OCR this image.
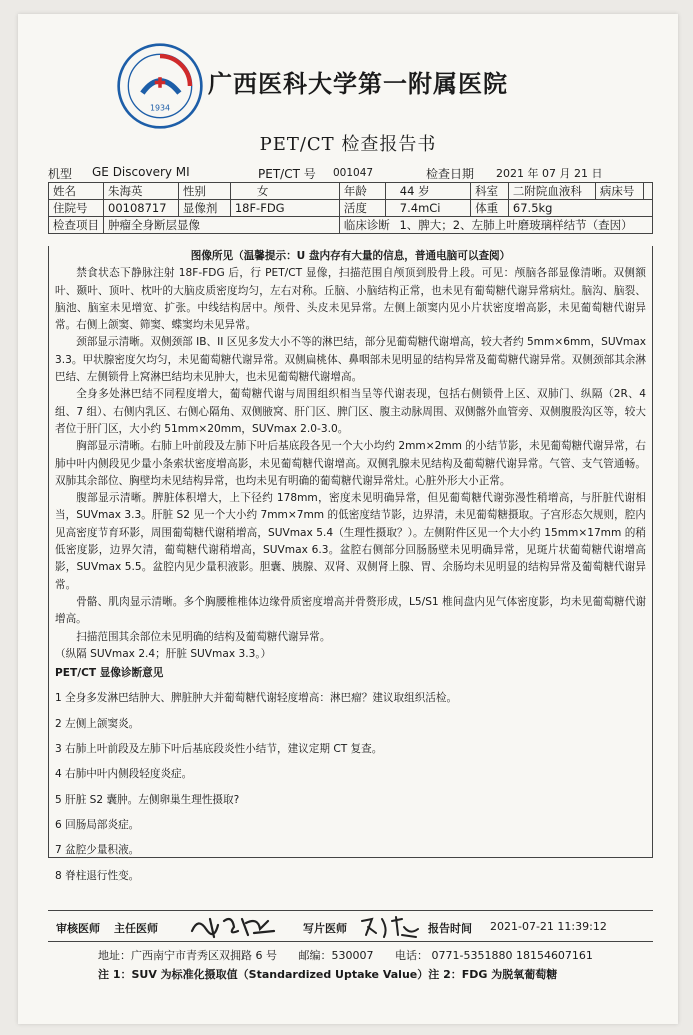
1934
广西医科大学第一附属医院
PET/CT 检查报告书
机型 GE Discovery MI	PET/CT 号 001047	检查日期 2021 年 07 月 21 日
姓名	朱海英	性别	女	年龄	44 岁	科室	二附院血液科	病床号	
住院号	00108717	显像剂	18F-FDG	活度	7.4mCi	体重	67.5kg		
检查项目	肿瘤全身断层显像			临床诊断 1、脾大；2、左肺上叶磨玻璃样结节（查因）					
图像所见（温馨提示：U 盘内存有大量的信息，普通电脑可以查阅）

禁食状态下静脉注射 18F-FDG 后，行 PET/CT 显像，扫描范围自颅顶到股骨上段。可见：颅脑各部显像清晰。双侧额叶、颞叶、顶叶、枕叶的大脑皮质密度均匀，左右对称。丘脑、小脑结构正常，也未见有葡萄糖代谢异常病灶。脑沟、脑裂、脑池、脑室未见增宽、扩张。中线结构居中。颅骨、头皮未见异常。左侧上颌窦内见小片状密度增高影，未见葡萄糖代谢异常。右侧上颌窦、筛窦、蝶窦均未见异常。

颈部显示清晰。双侧颈部 IB、II 区见多发大小不等的淋巴结，部分见葡萄糖代谢增高，较大者约 5mm×6mm，SUVmax 3.3。甲状腺密度欠均匀，未见葡萄糖代谢异常。双侧扁桃体、鼻咽部未见明显的结构异常及葡萄糖代谢异常。双侧颈部其余淋巴结、左侧锁骨上窝淋巴结均未见肿大，也未见葡萄糖代谢增高。

全身多处淋巴结不同程度增大，葡萄糖代谢与周围组织相当呈等代谢表现，包括右侧锁骨上区、双肺门、纵隔（2R、4 组、7 组）、右侧内乳区、右侧心隔角、双侧腋窝、肝门区、脾门区、腹主动脉周围、双侧髂外血管旁、双侧腹股沟区等，较大者位于肝门区，大小约 51mm×20mm，SUVmax 2.0-3.0。

胸部显示清晰。右肺上叶前段及左肺下叶后基底段各见一个大小均约 2mm×2mm 的小结节影，未见葡萄糖代谢异常，右肺中叶内侧段见少量小条索状密度增高影，未见葡萄糖代谢增高。双侧乳腺未见结构及葡萄糖代谢异常。气管、支气管通畅。双肺其余部位、胸壁均未见结构异常，也均未见有明确的葡萄糖代谢异常灶。心脏外形大小正常。

腹部显示清晰。脾脏体积增大，上下径约 178mm，密度未见明确异常，但见葡萄糖代谢弥漫性稍增高，与肝脏代谢相当，SUVmax 3.3。肝脏 S2 见一个大小约 7mm×7mm 的低密度结节影，边界清，未见葡萄糖摄取。子宫形态欠规则，腔内见高密度节育环影，周围葡萄糖代谢稍增高，SUVmax 5.4（生理性摄取？）。左侧附件区见一个大小约 15mm×17mm 的稍低密度影，边界欠清，葡萄糖代谢稍增高，SUVmax 6.3。盆腔右侧部分回肠肠壁未见明确异常，见斑片状葡萄糖代谢增高影，SUVmax 5.5。盆腔内见少量积液影。胆囊、胰腺、双肾、双侧肾上腺、胃、余肠均未见明显的结构异常及葡萄糖代谢异常。

骨骼、肌肉显示清晰。多个胸腰椎椎体边缘骨质密度增高并骨赘形成，L5/S1 椎间盘内见气体密度影，均未见葡萄糖代谢增高。

扫描范围其余部位未见明确的结构及葡萄糖代谢异常。

（纵隔 SUVmax 2.4；肝脏 SUVmax 3.3。）

PET/CT 显像诊断意见
1 全身多发淋巴结肿大、脾脏肿大并葡萄糖代谢轻度增高：淋巴瘤？建议取组织活检。
2 左侧上颌窦炎。
3 右肺上叶前段及左肺下叶后基底段炎性小结节，建议定期 CT 复查。
4 右肺中叶内侧段轻度炎症。
5 肝脏 S2 囊肿。左侧卵巢生理性摄取?
6 回肠局部炎症。
7 盆腔少量积液。
8 脊柱退行性变。
审核医师 主任医师	写片医师	报告时间 2021-07-21 11:39:12
地址：广西南宁市青秀区双拥路 6 号 邮编：530007 电话： 0771-5351880 18154607161
注 1：SUV 为标准化摄取值（Standardized Uptake Value）注 2：FDG 为脱氧葡萄糖
